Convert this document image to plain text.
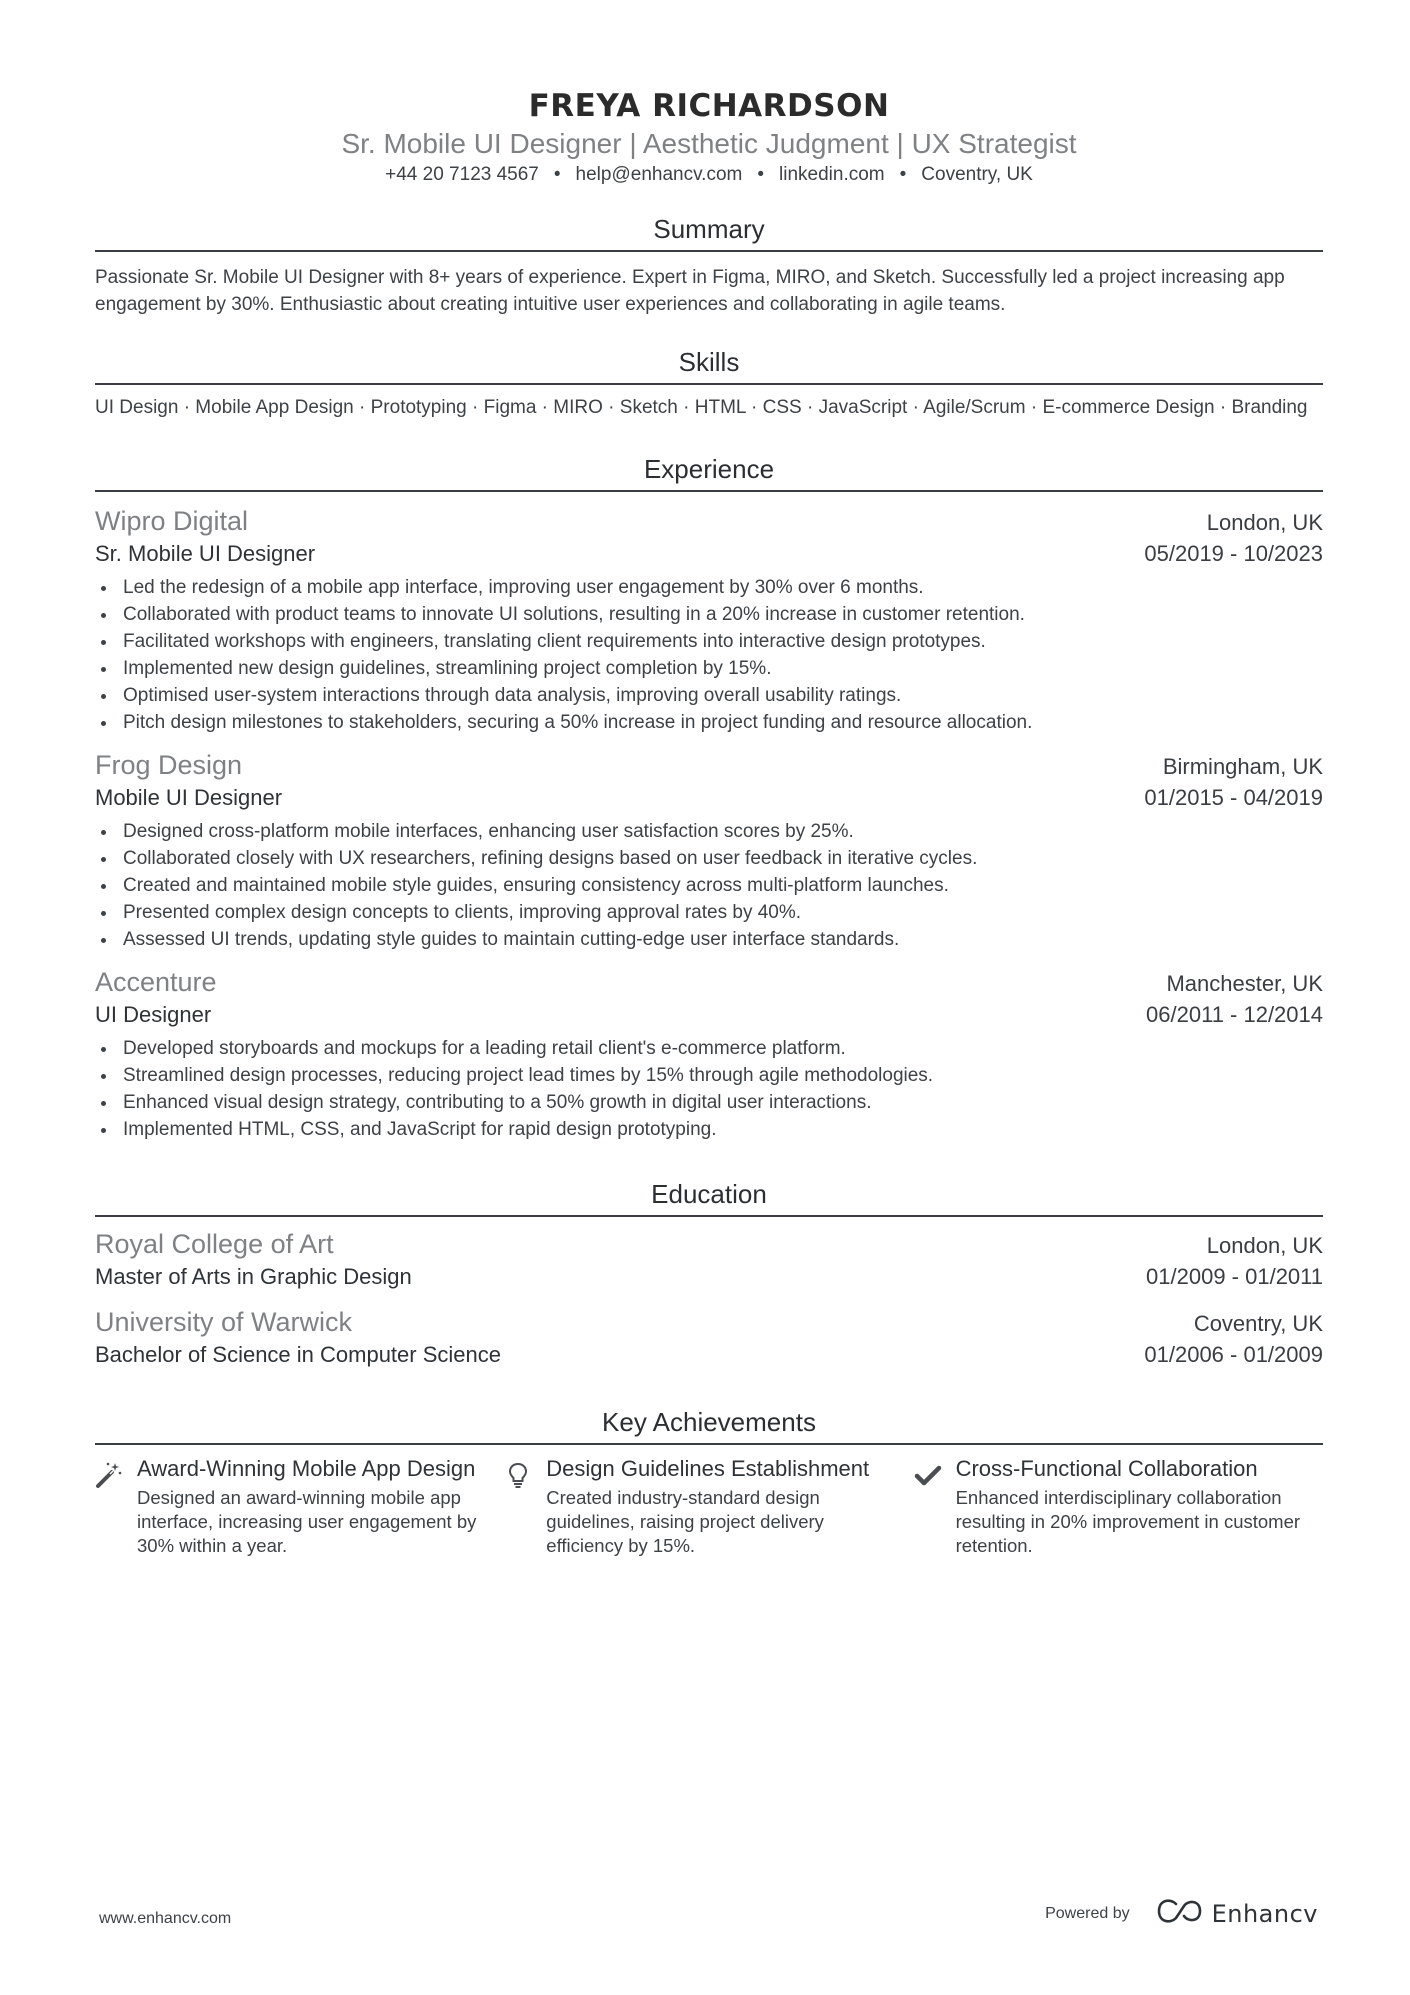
FREYA RICHARDSON
Sr. Mobile UI Designer | Aesthetic Judgment | UX Strategist
+44 20 7123 4567 • help@enhancv.com • linkedin.com • Coventry, UK
Summary

Passionate Sr. Mobile UI Designer with 8+ years of experience. Expert in Figma, MIRO, and Sketch. Successfully led a project increasing app engagement by 30%. Enthusiastic about creating intuitive user experiences and collaborating in agile teams.

Skills

UI Design · Mobile App Design · Prototyping · Figma · MIRO · Sketch · HTML · CSS · JavaScript · Agile/Scrum · E-commerce Design · Branding

Experience
Wipro Digital	London, UK
Sr. Mobile UI Designer	05/2019 - 10/2023
Led the redesign of a mobile app interface, improving user engagement by 30% over 6 months.
Collaborated with product teams to innovate UI solutions, resulting in a 20% increase in customer retention.
Facilitated workshops with engineers, translating client requirements into interactive design prototypes.
Implemented new design guidelines, streamlining project completion by 15%.
Optimised user-system interactions through data analysis, improving overall usability ratings.
Pitch design milestones to stakeholders, securing a 50% increase in project funding and resource allocation.
Frog Design	Birmingham, UK
Mobile UI Designer	01/2015 - 04/2019
Designed cross-platform mobile interfaces, enhancing user satisfaction scores by 25%.
Collaborated closely with UX researchers, refining designs based on user feedback in iterative cycles.
Created and maintained mobile style guides, ensuring consistency across multi-platform launches.
Presented complex design concepts to clients, improving approval rates by 40%.
Assessed UI trends, updating style guides to maintain cutting-edge user interface standards.
Accenture	Manchester, UK
UI Designer	06/2011 - 12/2014
Developed storyboards and mockups for a leading retail client's e-commerce platform.
Streamlined design processes, reducing project lead times by 15% through agile methodologies.
Enhanced visual design strategy, contributing to a 50% growth in digital user interactions.
Implemented HTML, CSS, and JavaScript for rapid design prototyping.
Education
Royal College of Art	London, UK
Master of Arts in Graphic Design	01/2009 - 01/2011
University of Warwick	Coventry, UK
Bachelor of Science in Computer Science	01/2006 - 01/2009
Key Achievements
Award-Winning Mobile App Design
Designed an award-winning mobile app interface, increasing user engagement by 30% within a year.
Design Guidelines Establishment
Created industry-standard design guidelines, raising project delivery efficiency by 15%.
Cross-Functional Collaboration
Enhanced interdisciplinary collaboration resulting in 20% improvement in customer retention.
www.enhancv.com	Powered by	Enhancv
